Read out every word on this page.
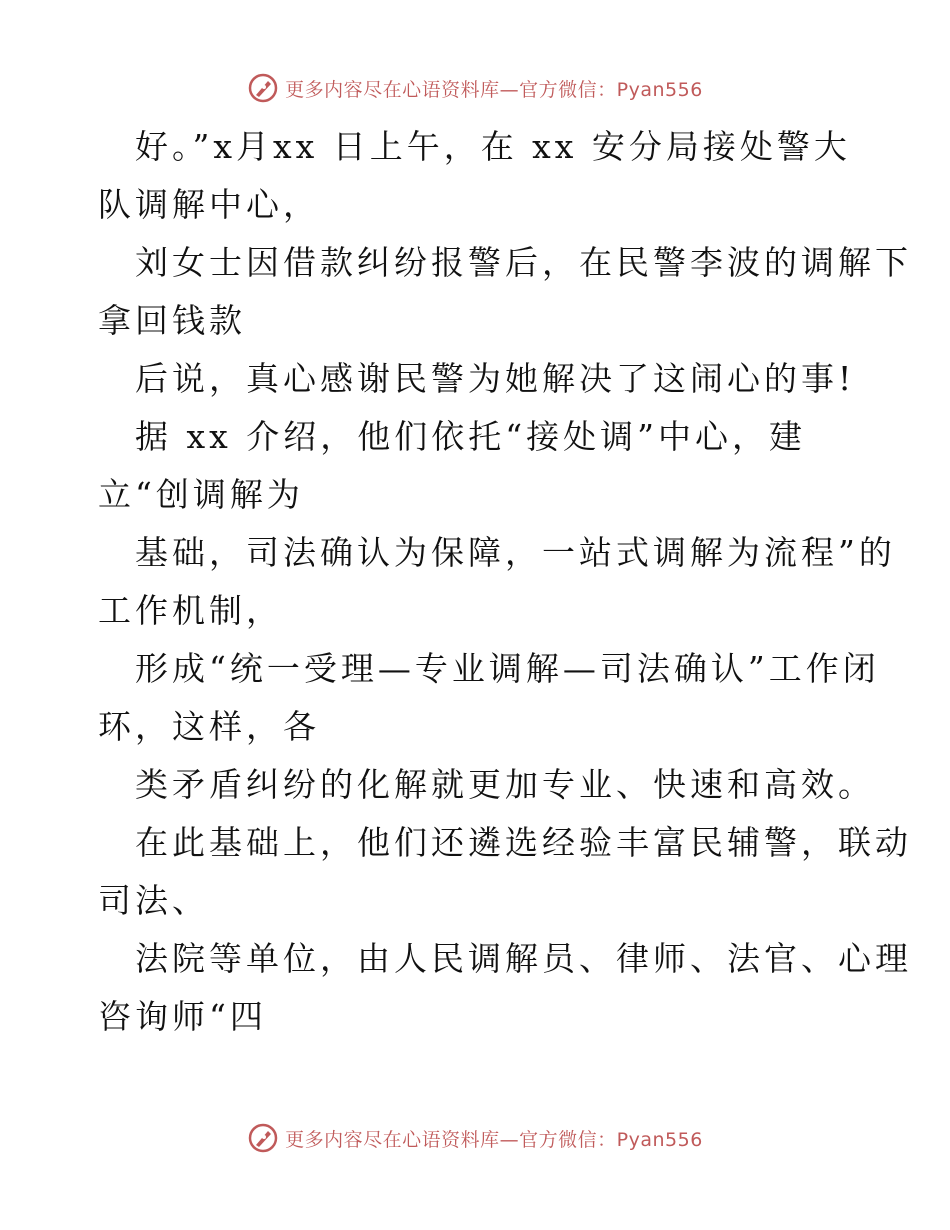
更多内容尽在心语资料库—官方微信：Pyan556
好。”x月xx 日上午，在 xx 安分局接处警大
队调解中心，
刘女士因借款纠纷报警后，在民警李波的调解下
拿回钱款
后说，真心感谢民警为她解决了这闹心的事!
据 xx 介绍，他们依托“接处调”中心，建
立“创调解为
基础，司法确认为保障，一站式调解为流程”的
工作机制，
形成“统一受理—专业调解—司法确认”工作闭
环，这样，各
类矛盾纠纷的化解就更加专业、快速和高效。
在此基础上，他们还遴选经验丰富民辅警，联动
司法、
法院等单位，由人民调解员、律师、法官、心理
咨询师“四
更多内容尽在心语资料库—官方微信：Pyan556
